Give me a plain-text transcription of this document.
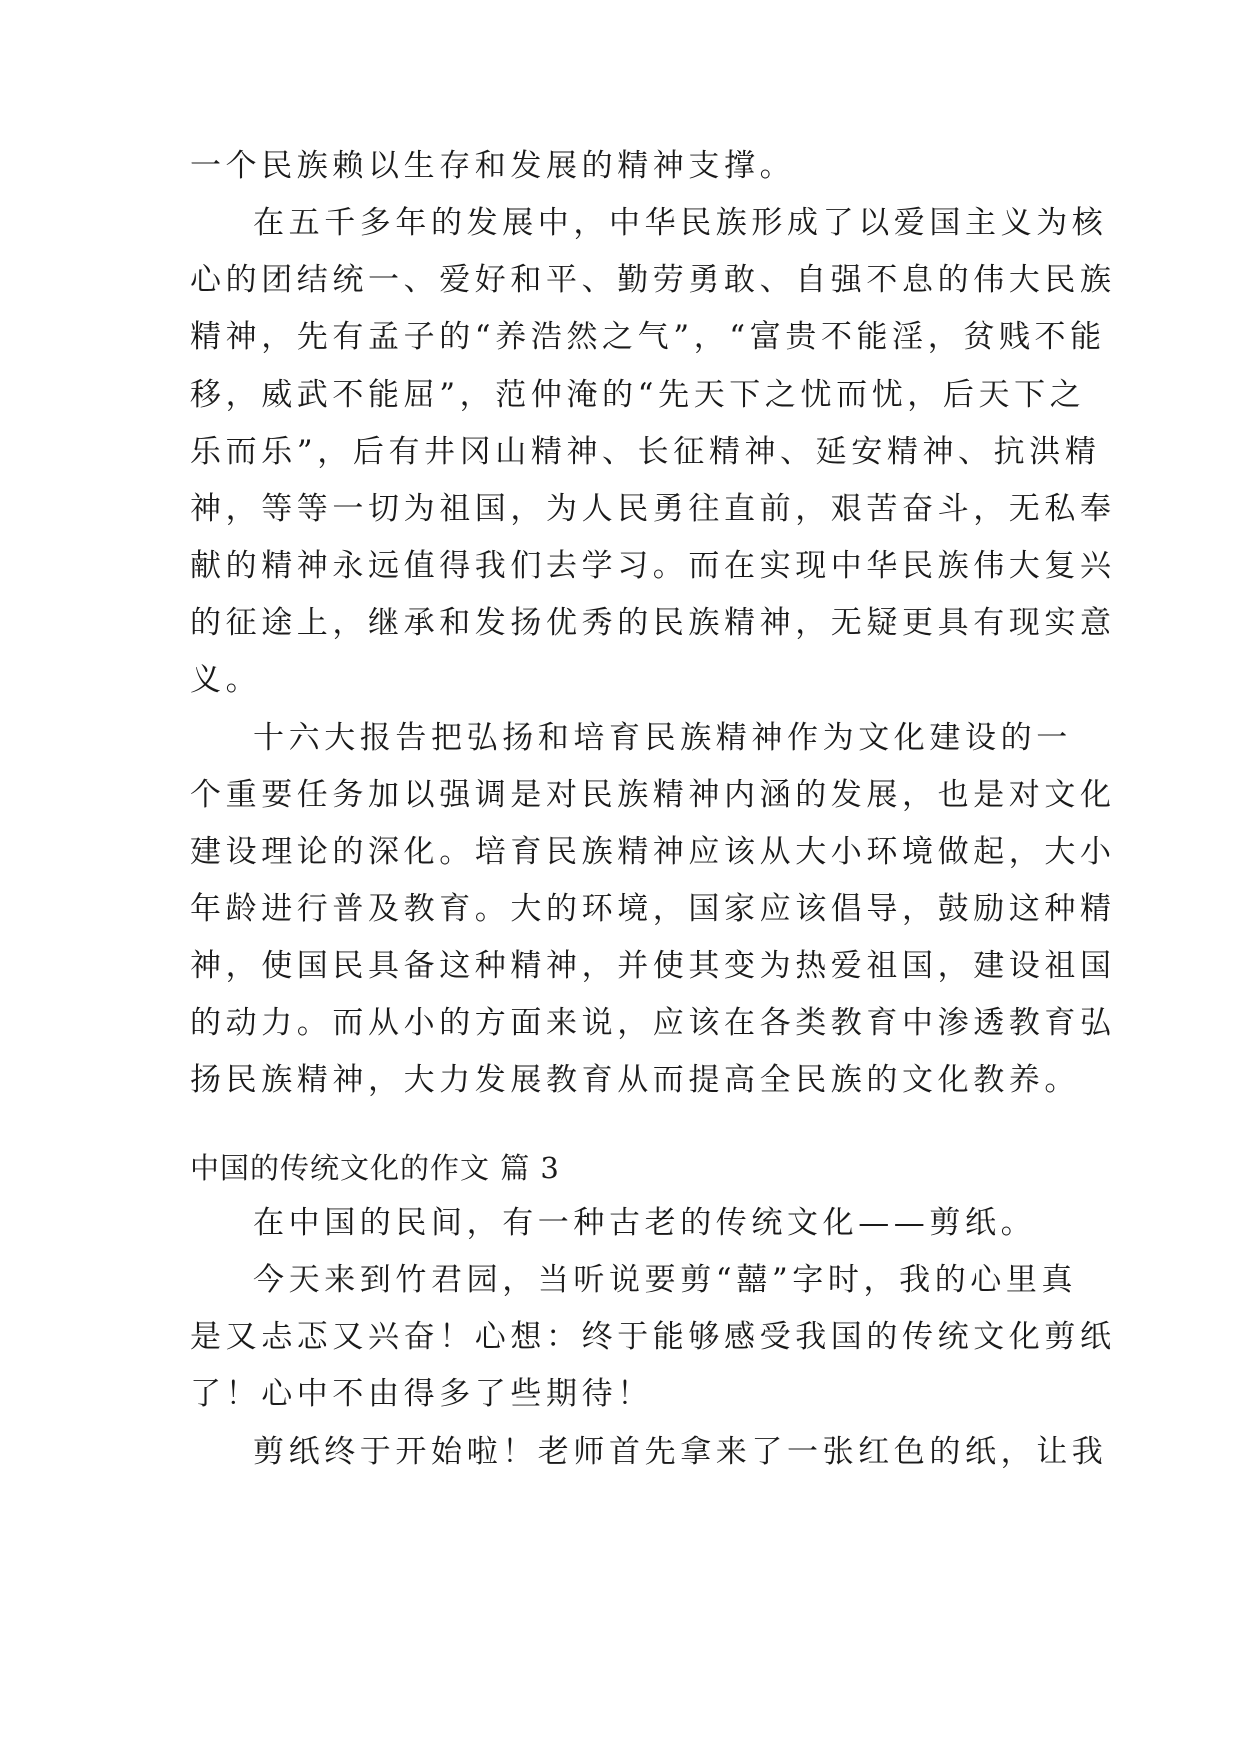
一个民族赖以生存和发展的精神支撑。
在五千多年的发展中，中华民族形成了以爱国主义为核
心的团结统一、爱好和平、勤劳勇敢、自强不息的伟大民族
精神，先有孟子的“养浩然之气”，“富贵不能淫，贫贱不能
移，威武不能屈”，范仲淹的“先天下之忧而忧，后天下之
乐而乐”，后有井冈山精神、长征精神、延安精神、抗洪精
神，等等一切为祖国，为人民勇往直前，艰苦奋斗，无私奉
献的精神永远值得我们去学习。而在实现中华民族伟大复兴
的征途上，继承和发扬优秀的民族精神，无疑更具有现实意
义。
十六大报告把弘扬和培育民族精神作为文化建设的一
个重要任务加以强调是对民族精神内涵的发展，也是对文化
建设理论的深化。培育民族精神应该从大小环境做起，大小
年龄进行普及教育。大的环境，国家应该倡导，鼓励这种精
神，使国民具备这种精神，并使其变为热爱祖国，建设祖国
的动力。而从小的方面来说，应该在各类教育中渗透教育弘
扬民族精神，大力发展教育从而提高全民族的文化教养。
中国的传统文化的作文 篇 3
在中国的民间，有一种古老的传统文化——剪纸。
今天来到竹君园，当听说要剪“囍”字时，我的心里真
是又忐忑又兴奋！心想：终于能够感受我国的传统文化剪纸
了！心中不由得多了些期待！
剪纸终于开始啦！老师首先拿来了一张红色的纸，让我
